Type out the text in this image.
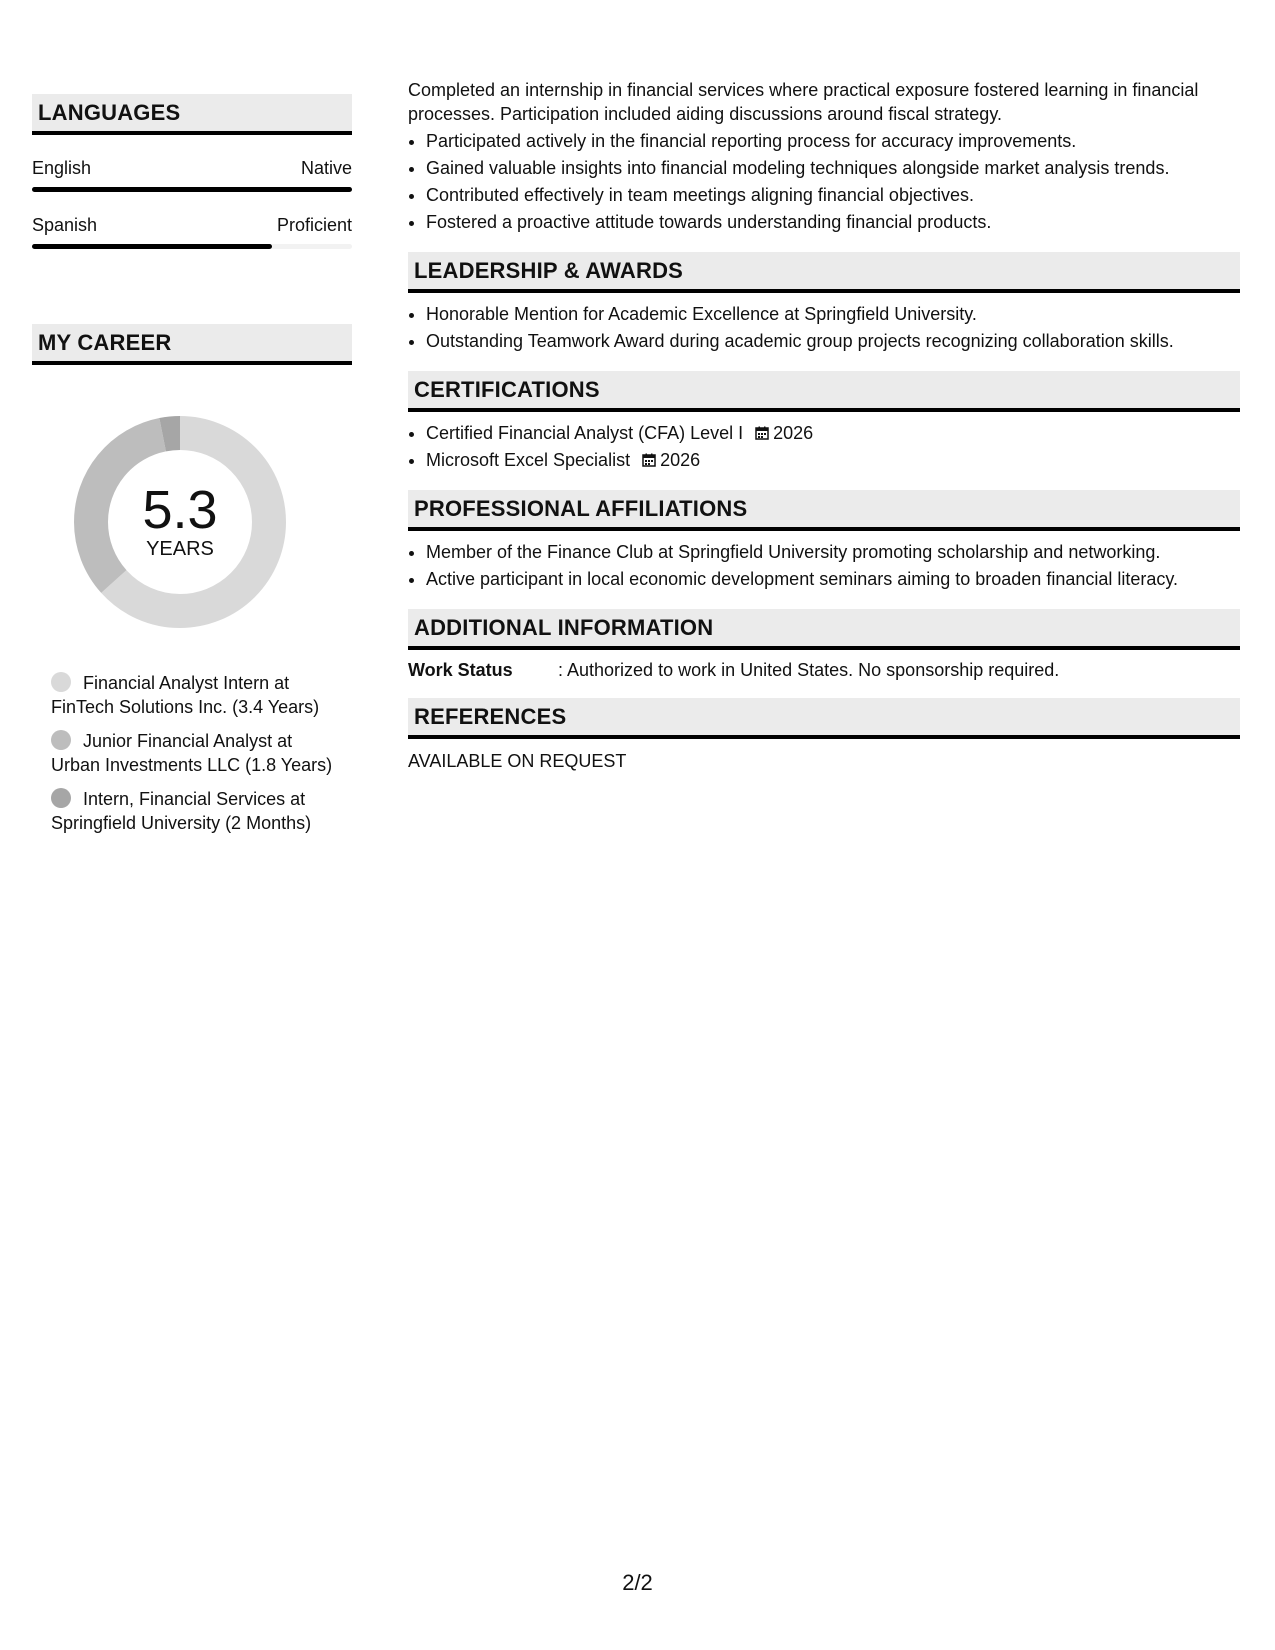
LANGUAGES
English	Native
Spanish	Proficient
MY CAREER
5.3
YEARS
Financial Analyst Intern at FinTech Solutions Inc. (3.4 Years)
Junior Financial Analyst at Urban Investments LLC (1.8 Years)
Intern, Financial Services at Springfield University (2 Months)

Completed an internship in financial services where practical exposure fostered learning in financial processes. Participation included aiding discussions around fiscal strategy.

• Participated actively in the financial reporting process for accuracy improvements.
• Gained valuable insights into financial modeling techniques alongside market analysis trends.
• Contributed effectively in team meetings aligning financial objectives.
• Fostered a proactive attitude towards understanding financial products.
LEADERSHIP & AWARDS
• Honorable Mention for Academic Excellence at Springfield University.
• Outstanding Teamwork Award during academic group projects recognizing collaboration skills.
CERTIFICATIONS
• Certified Financial Analyst (CFA) Level I 2026
• Microsoft Excel Specialist 2026
PROFESSIONAL AFFILIATIONS
• Member of the Finance Club at Springfield University promoting scholarship and networking.
• Active participant in local economic development seminars aiming to broaden financial literacy.
ADDITIONAL INFORMATION
Work Status	: Authorized to work in United States. No sponsorship required.
REFERENCES
AVAILABLE ON REQUEST
2/2
